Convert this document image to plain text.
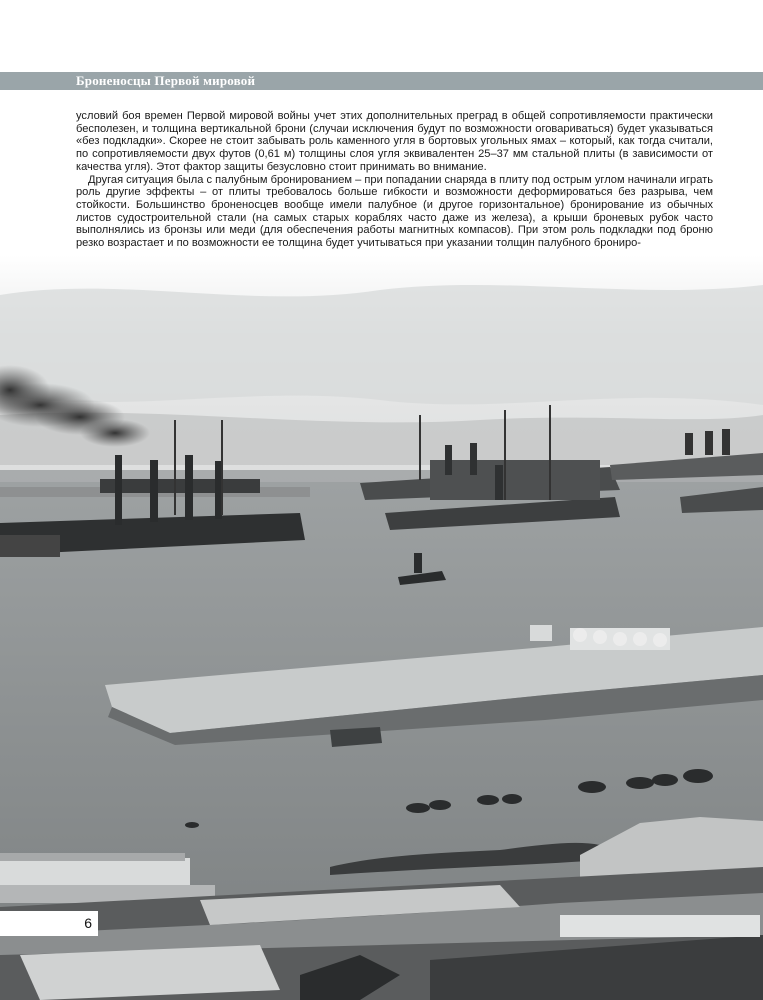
Броненосцы Первой мировой

условий боя времен Первой мировой войны учет этих дополнительных преград в общей сопротивляемости практически бесполезен, и толщина вертикальной брони (случаи исключения будут по возможности оговариваться) будет указываться «без подкладки». Скорее не стоит забывать роль каменного угля в бортовых угольных ямах – который, как тогда считали, по сопротивляемости двух футов (0,61 м) толщины слоя угля эквивалентен 25–37 мм стальной плиты (в зависимости от качества угля). Этот фактор защиты безусловно стоит принимать во внимание.

Другая ситуация была с палубным бронированием – при попадании снаряда в плиту под острым углом начинали играть роль другие эффекты – от плиты требовалось больше гибкости и возможности деформироваться без разрыва, чем стойкости. Большинство броненосцев вообще имели палубное (и другое горизонтальное) бронирование из обычных листов судостроительной стали (на самых старых кораблях часто даже из железа), а крыши броневых рубок часто выполнялись из бронзы или меди (для обеспечения работы магнитных компасов). При этом роль подкладки под броню резко возрастает и по возможности ее толщина будет учитываться при указании толщин палубного брониро-

6
